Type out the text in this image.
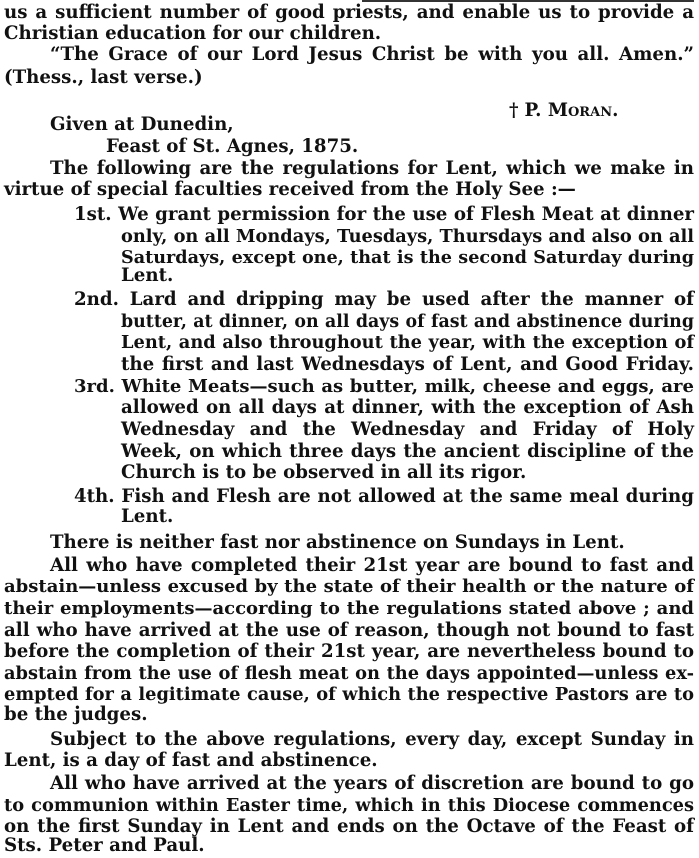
us a sufficient number of good priests, and enable us to provide a
Christian education for our children.
“The Grace of our Lord Jesus Christ be with you all. Amen.”
(Thess., last verse.)
† P. Moran.
Given at Dunedin,
Feast of St. Agnes, 1875.
The following are the regulations for Lent, which we make in
virtue of special faculties received from the Holy See :—
1st. We grant permission for the use of Flesh Meat at dinner
only, on all Mondays, Tuesdays, Thursdays and also on all
Saturdays, except one, that is the second Saturday during
Lent.
2nd. Lard and dripping may be used after the manner of
butter, at dinner, on all days of fast and abstinence during
Lent, and also throughout the year, with the exception of
the first and last Wednesdays of Lent, and Good Friday.
3rd. White Meats—such as butter, milk, cheese and eggs, are
allowed on all days at dinner, with the exception of Ash
Wednesday and the Wednesday and Friday of Holy
Week, on which three days the ancient discipline of the
Church is to be observed in all its rigor.
4th. Fish and Flesh are not allowed at the same meal during
Lent.
There is neither fast nor abstinence on Sundays in Lent.
All who have completed their 21st year are bound to fast and
abstain—unless excused by the state of their health or the nature of
their employments—according to the regulations stated above ; and
all who have arrived at the use of reason, though not bound to fast
before the completion of their 21st year, are nevertheless bound to
abstain from the use of flesh meat on the days appointed—unless ex-
empted for a legitimate cause, of which the respective Pastors are to
be the judges.
Subject to the above regulations, every day, except Sunday in
Lent, is a day of fast and abstinence.
All who have arrived at the years of discretion are bound to go
to communion within Easter time, which in this Diocese commences
on the first Sunday in Lent and ends on the Octave of the Feast of
Sts. Peter and Paul.
